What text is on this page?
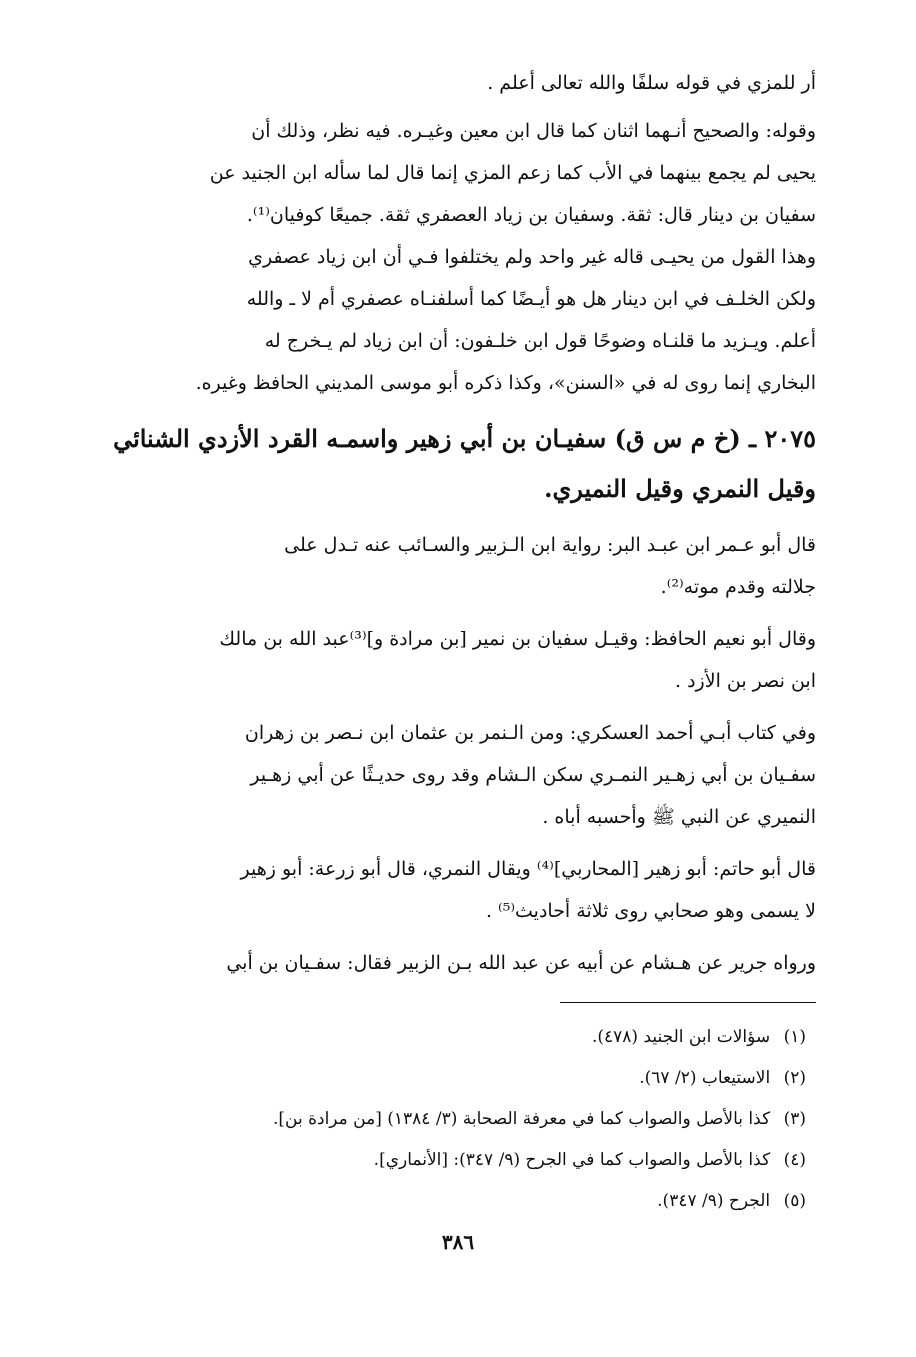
أر للمزي في قوله سلفًا والله تعالى أعلم .
وقوله: والصحيح أنـهما اثنان كما قال ابن معين وغيـره. فيه نظر، وذلك أن
يحيى لم يجمع بينهما في الأب كما زعم المزي إنما قال لما سأله ابن الجنيد عن
سفيان بن دينار قال: ثقة. وسفيان بن زياد العصفري ثقة. جميعًا كوفيان⁽¹⁾.
وهذا القول من يحيـى قاله غير واحد ولم يختلفوا فـي أن ابن زياد عصفري
ولكن الخلـف في ابن دينار هل هو أيـضًا كما أسلفنـاه عصفري أم لا ـ والله
أعلم. ويـزيد ما قلنـاه وضوحًا قول ابن خلـفون: أن ابن زياد لم يـخرج له
البخاري إنما روى له في «السنن»، وكذا ذكره أبو موسى المديني الحافظ وغيره.
٢٠٧٥ ـ (خ م س ق) سفيـان بن أبي زهير واسمـه القرد الأزدي الشنائي
وقيل النمري وقيل النميري.
قال أبو عـمر ابن عبـد البر: رواية ابن الـزبير والسـائب عنه تـدل على
جلالته وقدم موته⁽²⁾.
وقال أبو نعيم الحافظ: وقيـل سفيان بن نمير [بن مرادة و]⁽³⁾عبد الله بن مالك
ابن نصر بن الأزد .
وفي كتاب أبـي أحمد العسكري: ومن الـنمر بن عثمان ابن نـصر بن زهران
سفـيان بن أبي زهـير النمـري سكن الـشام وقد روى حديـثًا عن أبي زهـير
النميري عن النبي ﷺ وأحسبه أباه .
قال أبو حاتم: أبو زهير [المحاربي]⁽⁴⁾ ويقال النمري، قال أبو زرعة: أبو زهير
لا يسمى وهو صحابي روى ثلاثة أحاديث⁽⁵⁾ .
ورواه جرير عن هـشام عن أبيه عن عبد الله بـن الزبير فقال: سفـيان بن أبي
(١) سؤالات ابن الجنيد (٤٧٨).
(٢) الاستيعاب (٢/ ٦٧).
(٣) كذا بالأصل والصواب كما في معرفة الصحابة (٣/ ١٣٨٤) [من مرادة بن].
(٤) كذا بالأصل والصواب كما في الجرح (٩/ ٣٤٧): [الأنماري].
(٥) الجرح (٩/ ٣٤٧).
٣٨٦
